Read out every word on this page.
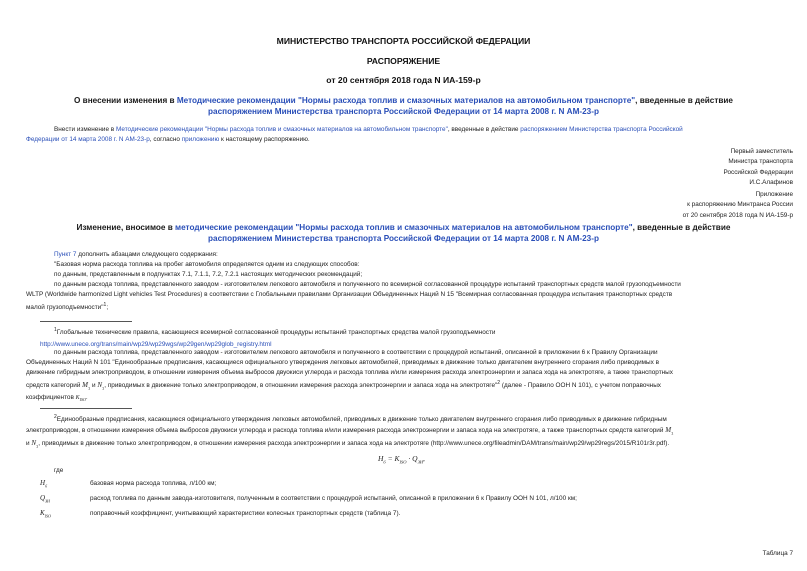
МИНИСТЕРСТВО ТРАНСПОРТА РОССИЙСКОЙ ФЕДЕРАЦИИ
РАСПОРЯЖЕНИЕ
от 20 сентября 2018 года N ИА-159-р
О внесении изменения в Методические рекомендации "Нормы расхода топлив и смазочных материалов на автомобильном транспорте", введенные в действие
распоряжением Министерства транспорта Российской Федерации от 14 марта 2008 г. N АМ-23-р
Внести изменение в Методические рекомендации "Нормы расхода топлив и смазочных материалов на автомобильном транспорте", введенные в действие распоряжением Министерства транспорта Российской
Федерации от 14 марта 2008 г. N АМ-23-р, согласно приложению к настоящему распоряжению.
Первый заместитель
Министра транспорта
Российской Федерации
И.С.Алафинов
Приложение
к распоряжению Минтранса России
от 20 сентября 2018 года N ИА-159-р
Изменение, вносимое в методические рекомендации "Нормы расхода топлив и смазочных материалов на автомобильном транспорте", введенные в действие
распоряжением Министерства транспорта Российской Федерации от 14 марта 2008 г. N АМ-23-р
Пункт 7 дополнить абзацами следующего содержания:
"Базовая норма расхода топлива на пробег автомобиля определяется одним из следующих способов:
по данным, представленным в подпунктах 7.1, 7.1.1, 7.2, 7.2.1 настоящих методических рекомендаций;
по данным расхода топлива, представленного заводом - изготовителем легкового автомобиля и полученного по всемирной согласованной процедуре испытаний транспортных средств малой грузоподъемности
WLTP (Worldwide harmonized Light vehicles Test Procedures) в соответствии с Глобальными правилами Организации Объединенных Наций N 15 "Всемирная согласованная процедура испытания транспортных средств
малой грузоподъемности"$^1$;
$^1$Глобальные технические правила, касающиеся всемирной согласованной процедуры испытаний транспортных средства малой грузоподъемности
http://www.unece.org/trans/main/wp29/wp29wgs/wp29gen/wp29glob_registry.html
по данным расхода топлива, представленного заводом - изготовителем легкового автомобиля и полученного в соответствии с процедурой испытаний, описанной в приложении 6 к Правилу Организации
Объединенных Наций N 101 "Единообразные предписания, касающиеся официального утверждения легковых автомобилей, приводимых в движение только двигателем внутреннего сгорания либо приводимых в
движение гибридным электроприводом, в отношении измерения объема выбросов двуокиси углерода и расхода топлива и/или измерения расхода электроэнергии и запаса хода на электротяге, а также транспортных
средств категорий $M_1$ и $N_1$, приводимых в движение только электроприводом, в отношении измерения расхода электроэнергии и запаса хода на электротяге"$^2$ (далее - Правило ООН N 101), с учетом поправочных
коэффициентов $K_{ISO}$.
$^2$Единообразные предписания, касающиеся официального утверждения легковых автомобилей, приводимых в движение только двигателем внутреннего сгорания либо приводимых в движение гибридным
электроприводом, в отношении измерения объема выбросов двуокиси углерода и расхода топлива и/или измерения расхода электроэнергии и запаса хода на электротяге, а также транспортных средств категорий $M_1$
и $N_1$, приводимых в движение только электроприводом, в отношении измерения расхода электроэнергии и запаса хода на электротяге (http://www.unece.org/fileadmin/DAM/trans/main/wp29/wp29regs/2015/R101r3r.pdf).
$H_б = K_{ISO} \cdot Q_{ЗИ}$,
где
$H_б$	базовая норма расхода топлива, л/100 км;
$Q_{ЗИ}$	расход топлива по данным завода-изготовителя, полученным в соответствии с процедурой испытаний, описанной в приложении 6 к Правилу ООН N 101, л/100 км;
$K_{ISO}$	поправочный коэффициент, учитывающий характеристики колесных транспортных средств (таблица 7).
Таблица 7
